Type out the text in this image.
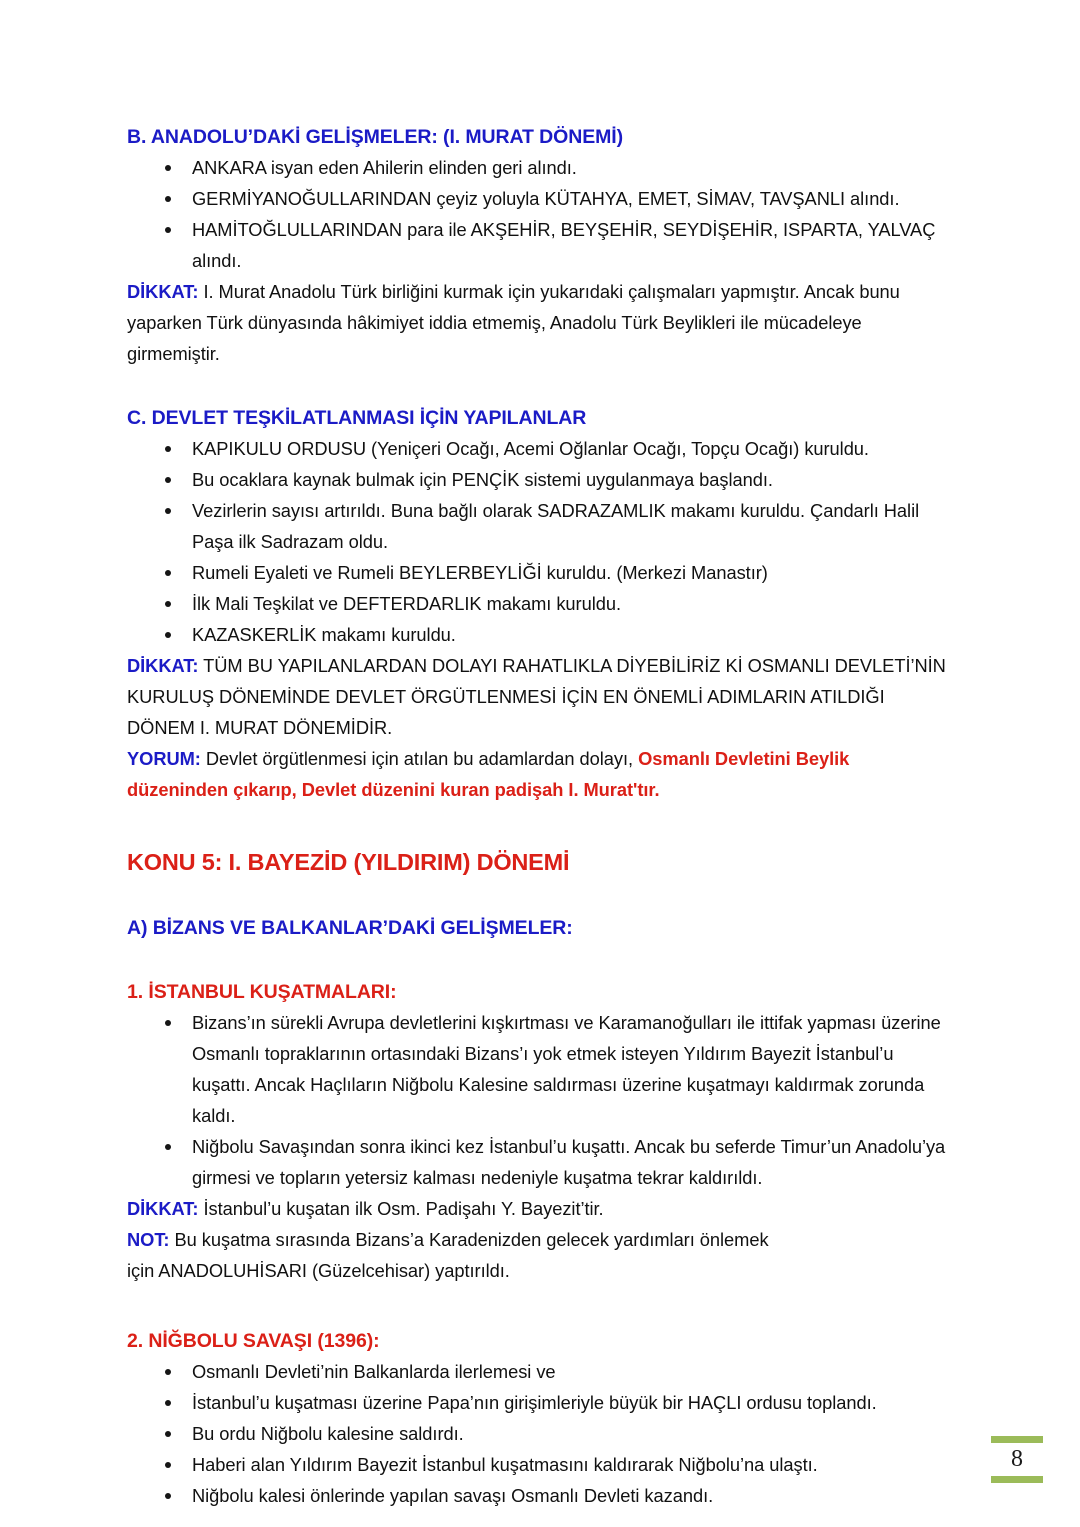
B. ANADOLU’DAKİ GELİŞMELER: (I. MURAT DÖNEMİ)
ANKARA isyan eden Ahilerin elinden geri alındı.
GERMİYANOĞULLARINDAN çeyiz yoluyla KÜTAHYA, EMET, SİMAV, TAVŞANLI alındı.
HAMİTOĞLULLARINDAN para ile AKŞEHİR, BEYŞEHİR, SEYDİŞEHİR, ISPARTA, YALVAÇ alındı.

DİKKAT: I. Murat Anadolu Türk birliğini kurmak için yukarıdaki çalışmaları yapmıştır. Ancak bunu yaparken Türk dünyasında hâkimiyet iddia etmemiş, Anadolu Türk Beylikleri ile mücadeleye girmemiştir.

C. DEVLET TEŞKİLATLANMASI İÇİN YAPILANLAR
KAPIKULU ORDUSU (Yeniçeri Ocağı, Acemi Oğlanlar Ocağı, Topçu Ocağı) kuruldu.
Bu ocaklara kaynak bulmak için PENÇİK sistemi uygulanmaya başlandı.
Vezirlerin sayısı artırıldı. Buna bağlı olarak SADRAZAMLIK makamı kuruldu. Çandarlı Halil Paşa ilk Sadrazam oldu.
Rumeli Eyaleti ve Rumeli BEYLERBEYLİĞİ kuruldu. (Merkezi Manastır)
İlk Mali Teşkilat ve DEFTERDARLIK makamı kuruldu.
KAZASKERLİK makamı kuruldu.

DİKKAT: TÜM BU YAPILANLARDAN DOLAYI RAHATLIKLA DİYEBİLİRİZ Kİ OSMANLI DEVLETİ’NİN KURULUŞ DÖNEMİNDE DEVLET ÖRGÜTLENMESİ İÇİN EN ÖNEMLİ ADIMLARIN ATILDIĞI DÖNEM I. MURAT DÖNEMİDİR.

YORUM: Devlet örgütlenmesi için atılan bu adamlardan dolayı, Osmanlı Devletini Beylik düzeninden çıkarıp, Devlet düzenini kuran padişah I. Murat'tır.

KONU 5: I. BAYEZİD (YILDIRIM) DÖNEMİ
A) BİZANS VE BALKANLAR’DAKİ GELİŞMELER:
1. İSTANBUL KUŞATMALARI:
Bizans’ın sürekli Avrupa devletlerini kışkırtması ve Karamanoğulları ile ittifak yapması üzerine Osmanlı topraklarının ortasındaki Bizans’ı yok etmek isteyen Yıldırım Bayezit İstanbul’u kuşattı. Ancak Haçlıların Niğbolu Kalesine saldırması üzerine kuşatmayı kaldırmak zorunda kaldı.
Niğbolu Savaşından sonra ikinci kez İstanbul’u kuşattı. Ancak bu seferde Timur’un Anadolu’ya girmesi ve topların yetersiz kalması nedeniyle kuşatma tekrar kaldırıldı.

DİKKAT: İstanbul’u kuşatan ilk Osm. Padişahı Y. Bayezit’tir.

NOT: Bu kuşatma sırasında Bizans’a Karadenizden gelecek yardımları önlemek

için ANADOLUHİSARI (Güzelcehisar) yaptırıldı.

2. NİĞBOLU SAVAŞI (1396):
Osmanlı Devleti’nin Balkanlarda ilerlemesi ve
İstanbul’u kuşatması üzerine Papa’nın girişimleriyle büyük bir HAÇLI ordusu toplandı.
Bu ordu Niğbolu kalesine saldırdı.
Haberi alan Yıldırım Bayezit İstanbul kuşatmasını kaldırarak Niğbolu’na ulaştı.
Niğbolu kalesi önlerinde yapılan savaşı Osmanlı Devleti kazandı.
8
